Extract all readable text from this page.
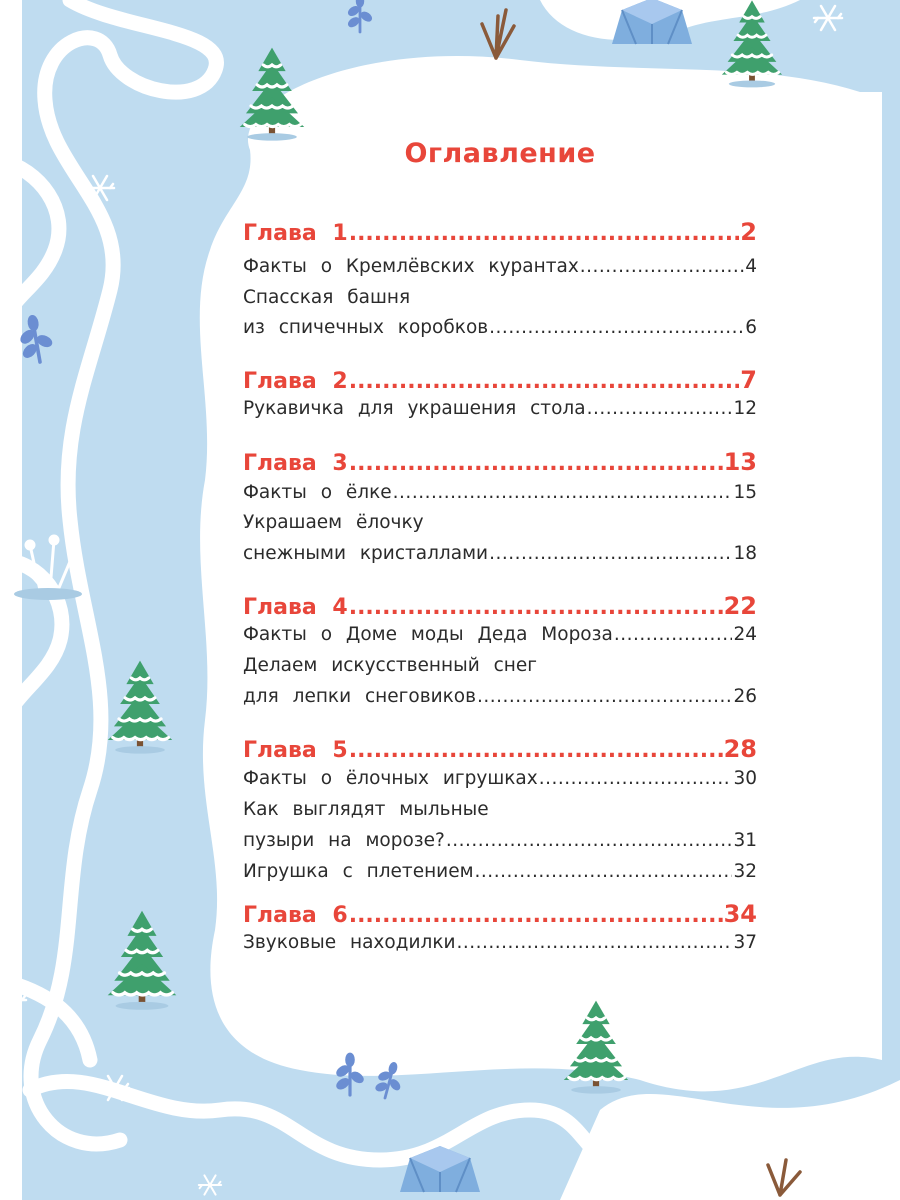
Оглавление
Глава 1 .....	2
Факты о Кремлёвских курантах .....	4
Спасская башня
из спичечных коробков .....	6
Глава 2 .....	7
Рукавичка для украшения стола .....	12
Глава 3 .....	13
Факты о ёлке .....	15
Украшаем ёлочку
снежными кристаллами .....	18
Глава 4 .....	22
Факты о Доме моды Деда Мороза .....	24
Делаем искусственный снег
для лепки снеговиков .....	26
Глава 5 .....	28
Факты о ёлочных игрушках .....	30
Как выглядят мыльные
пузыри на морозе? .....	31
Игрушка с плетением .....	32
Глава 6 .....	34
Звуковые находилки .....	37
